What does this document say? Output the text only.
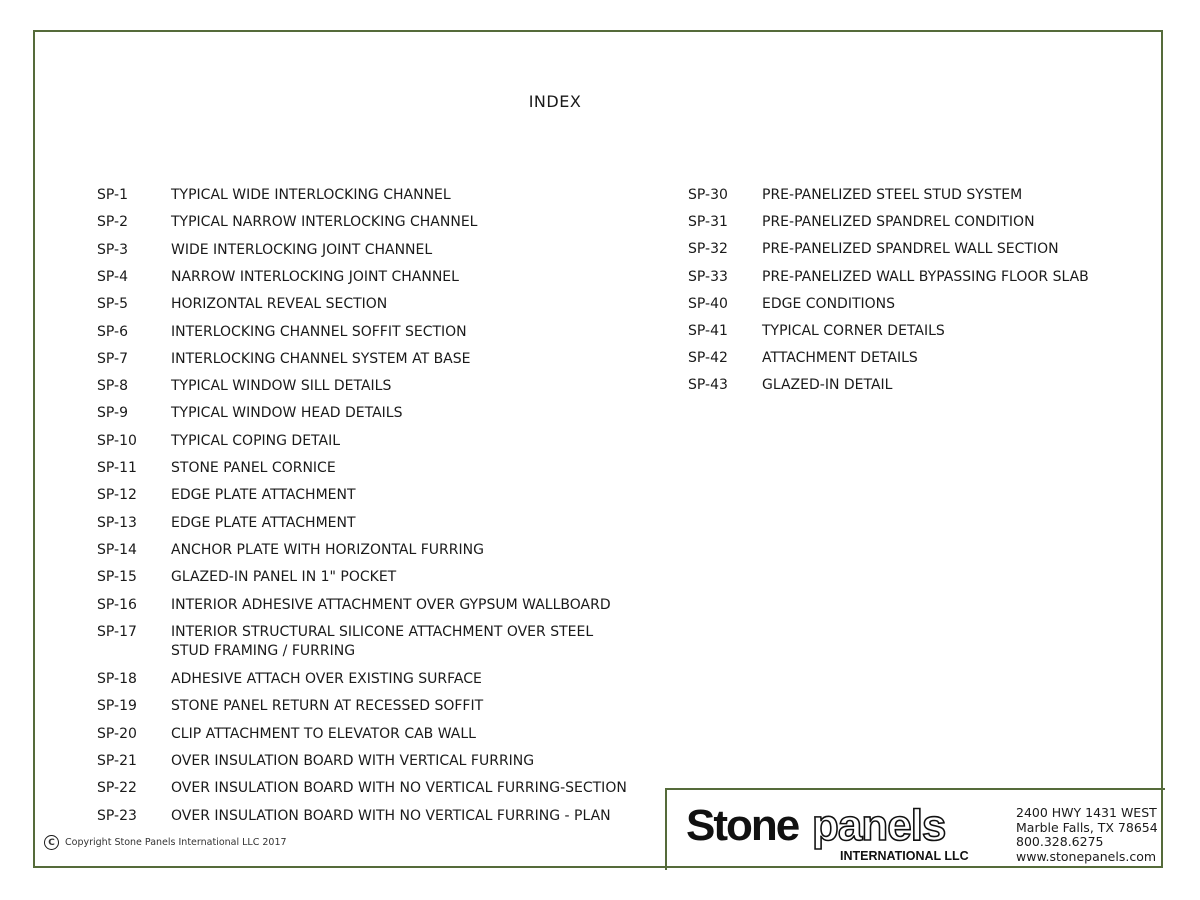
INDEX
SP-1	TYPICAL WIDE INTERLOCKING CHANNEL
SP-2	TYPICAL NARROW INTERLOCKING CHANNEL
SP-3	WIDE INTERLOCKING JOINT CHANNEL
SP-4	NARROW INTERLOCKING JOINT CHANNEL
SP-5	HORIZONTAL REVEAL SECTION
SP-6	INTERLOCKING CHANNEL SOFFIT SECTION
SP-7	INTERLOCKING CHANNEL SYSTEM AT BASE
SP-8	TYPICAL WINDOW SILL DETAILS
SP-9	TYPICAL WINDOW HEAD DETAILS
SP-10	TYPICAL COPING DETAIL
SP-11	STONE PANEL CORNICE
SP-12	EDGE PLATE ATTACHMENT
SP-13	EDGE PLATE ATTACHMENT
SP-14	ANCHOR PLATE WITH HORIZONTAL FURRING
SP-15	GLAZED-IN PANEL IN 1" POCKET
SP-16	INTERIOR ADHESIVE ATTACHMENT OVER GYPSUM WALLBOARD
SP-17	INTERIOR STRUCTURAL SILICONE ATTACHMENT OVER STEEL
STUD FRAMING / FURRING
SP-18	ADHESIVE ATTACH OVER EXISTING SURFACE
SP-19	STONE PANEL RETURN AT RECESSED SOFFIT
SP-20	CLIP ATTACHMENT TO ELEVATOR CAB WALL
SP-21	OVER INSULATION BOARD WITH VERTICAL FURRING
SP-22	OVER INSULATION BOARD WITH NO VERTICAL FURRING-SECTION
SP-23	OVER INSULATION BOARD WITH NO VERTICAL FURRING - PLAN
SP-30	PRE-PANELIZED STEEL STUD SYSTEM
SP-31	PRE-PANELIZED SPANDREL CONDITION
SP-32	PRE-PANELIZED SPANDREL WALL SECTION
SP-33	PRE-PANELIZED WALL BYPASSING FLOOR SLAB
SP-40	EDGE CONDITIONS
SP-41	TYPICAL CORNER DETAILS
SP-42	ATTACHMENT DETAILS
SP-43	GLAZED-IN DETAIL
Stone panels
INTERNATIONAL LLC
2400 HWY 1431 WEST
Marble Falls, TX 78654
800.328.6275
www.stonepanels.com
C	Copyright Stone Panels International LLC 2017
